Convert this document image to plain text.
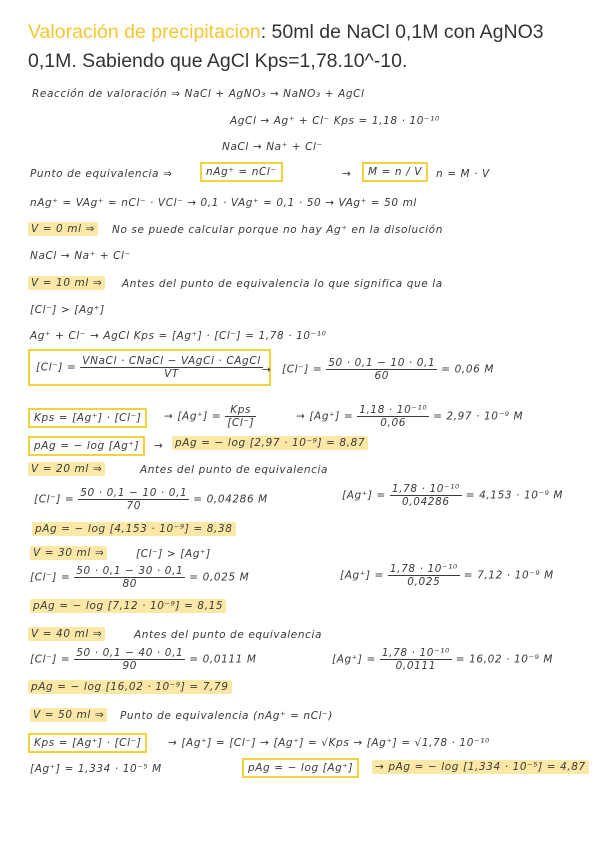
Valoración de precipitacion: 50ml de NaCl 0,1M con AgNO3 0,1M. Sabiendo que AgCl Kps=1,78.10^-10.
Reacción de valoración ⇒ NaCl + AgNO₃ → NaNO₃ + AgCl
AgCl → Ag⁺ + Cl⁻ Kps = 1,18 · 10⁻¹⁰
NaCl → Na⁺ + Cl⁻
Punto de equivalencia ⇒	nAg⁺ = nCl⁻	→	M = n / V	n = M · V
nAg⁺ = VAg⁺ = nCl⁻ · VCl⁻ → 0,1 · VAg⁺ = 0,1 · 50 → VAg⁺ = 50 ml
V = 0 ml ⇒ No se puede calcular porque no hay Ag⁺ en la disolución
NaCl → Na⁺ + Cl⁻
V = 10 ml ⇒ Antes del punto de equivalencia lo que significa que la
[Cl⁻] > [Ag⁺]
Ag⁺ + Cl⁻ → AgCl Kps = [Ag⁺] · [Cl⁻] = 1,78 · 10⁻¹⁰
$[Cl^-] = \frac{\text{VNaCl · CNaCl − VAgCl · CAgCl}}{VT} \to [Cl^-] = \frac{50 \cdot 0,1 - 10 \cdot 0,1}{60} = 0,06$ M
Kps = [Ag⁺] · [Cl⁻]	→ $[Ag^+] = \frac{\text{Kps}}{[Cl^-]}$	→ $[Ag^+] = \frac{\text{1,18 · 10⁻¹⁰}}{0,06} = 2,97 \cdot 10^{-9}$ M
pAg = − log [Ag⁺]	→ pAg = − log [2,97 · 10⁻⁹] = 8,87
V = 20 ml ⇒	Antes del punto de equivalencia
$[Cl^-] = \frac{50 \cdot 0,1 - 10 \cdot 0,1}{70} = 0,04286$ M	$[Ag^+] = \frac{\text{1,78 · 10⁻¹⁰}}{0,04286} = 4,153 \cdot 10^{-9}$ M
pAg = − log [4,153 · 10⁻⁹] = 8,38
V = 30 ml ⇒	[Cl⁻] > [Ag⁺]
$[Cl^-] = \frac{50 \cdot 0,1 - 30 \cdot 0,1}{80} = 0,025$ M	$[Ag^+] = \frac{\text{1,78 · 10⁻¹⁰}}{0,025} = 7,12 \cdot 10^{-9}$ M
pAg = − log [7,12 · 10⁻⁹] = 8,15
V = 40 ml ⇒	Antes del punto de equivalencia
$[Cl^-] = \frac{50 \cdot 0,1 - 40 \cdot 0,1}{90} = 0,0111$ M	$[Ag^+] = \frac{\text{1,78 · 10⁻¹⁰}}{0,0111} = 16,02 \cdot 10^{-9}$ M
pAg = − log [16,02 · 10⁻⁹] = 7,79
V = 50 ml ⇒ Punto de equivalencia (nAg⁺ = nCl⁻)
Kps = [Ag⁺] · [Cl⁻]	→ [Ag⁺] = [Cl⁻] → [Ag⁺] = √Kps → [Ag⁺] = √1,78 · 10⁻¹⁰
[Ag⁺] = 1,334 · 10⁻⁵ M	pAg = − log [Ag⁺]	→ pAg = − log [1,334 · 10⁻⁵] = 4,87
